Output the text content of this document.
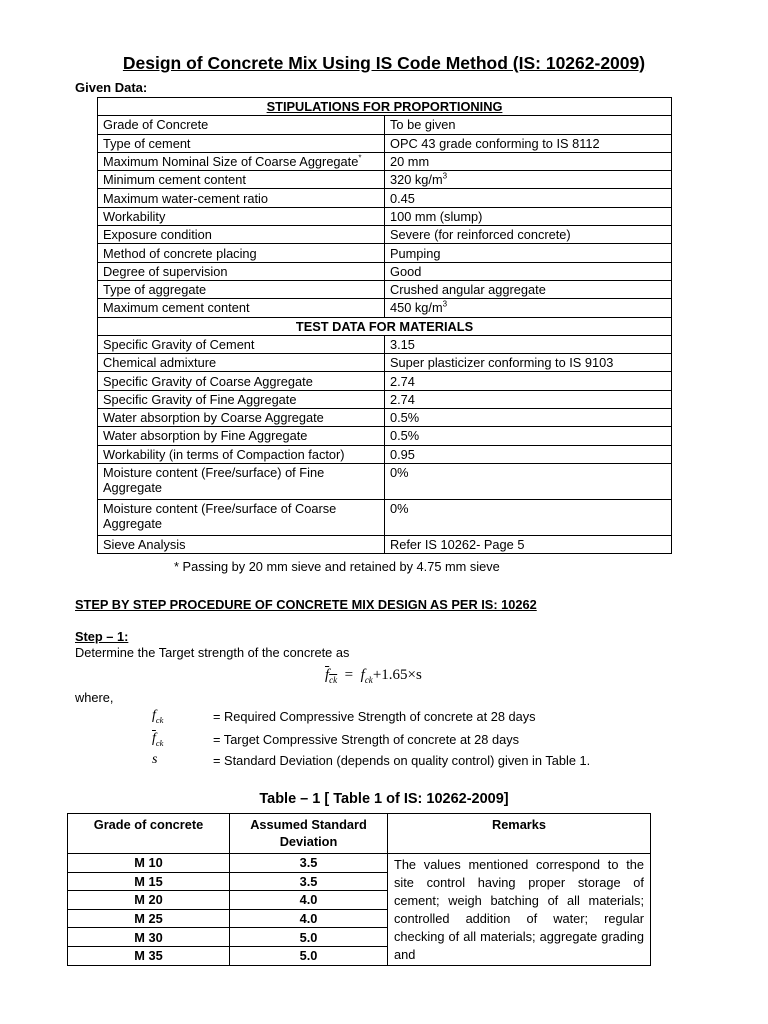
Design of Concrete Mix Using IS Code Method (IS: 10262-2009)
Given Data:
STIPULATIONS FOR PROPORTIONING	
Grade of Concrete	To be given
Type of cement	OPC 43 grade conforming to IS 8112
Maximum Nominal Size of Coarse Aggregate*	20 mm
Minimum cement content	320 $kg/m^3$
Maximum water-cement ratio	0.45
Workability	100 mm (slump)
Exposure condition	Severe (for reinforced concrete)
Method of concrete placing	Pumping
Degree of supervision	Good
Type of aggregate	Crushed angular aggregate
Maximum cement content	450 $kg/m^3$
TEST DATA FOR MATERIALS	
Specific Gravity of Cement	3.15
Chemical admixture	Super plasticizer conforming to IS 9103
Specific Gravity of Coarse Aggregate	2.74
Specific Gravity of Fine Aggregate	2.74
Water absorption by Coarse Aggregate	0.5%
Water absorption by Fine Aggregate	0.5%
Workability (in terms of Compaction factor)	0.95
Moisture content (Free/surface) of Fine Aggregate	0%
Moisture content (Free/surface of Coarse Aggregate	0%
Sieve Analysis	Refer IS 10262- Page 5
* Passing by 20 mm sieve and retained by 4.75 mm sieve
STEP BY STEP PROCEDURE OF CONCRETE MIX DESIGN AS PER IS: 10262
Step – 1:
Determine the Target strength of the concrete as
$f_{ck} = f_{ck}+1.65\times s$
where,
$f_{ck}$	= Required Compressive Strength of concrete at 28 days
$\overline{f}_{ck}$	= Target Compressive Strength of concrete at 28 days
s	= Standard Deviation (depends on quality control) given in Table 1.
Table – 1 [ Table 1 of IS: 10262-2009]
Grade of concrete	Assumed Standard Deviation	Remarks
M 10	3.5	The values mentioned correspond to the site control having proper storage of cement; weigh batching of all materials; controlled addition of water; regular checking of all materials; aggregate grading and
M 15	3.5	
M 20	4.0	
M 25	4.0	
M 30	5.0	
M 35	5.0	
